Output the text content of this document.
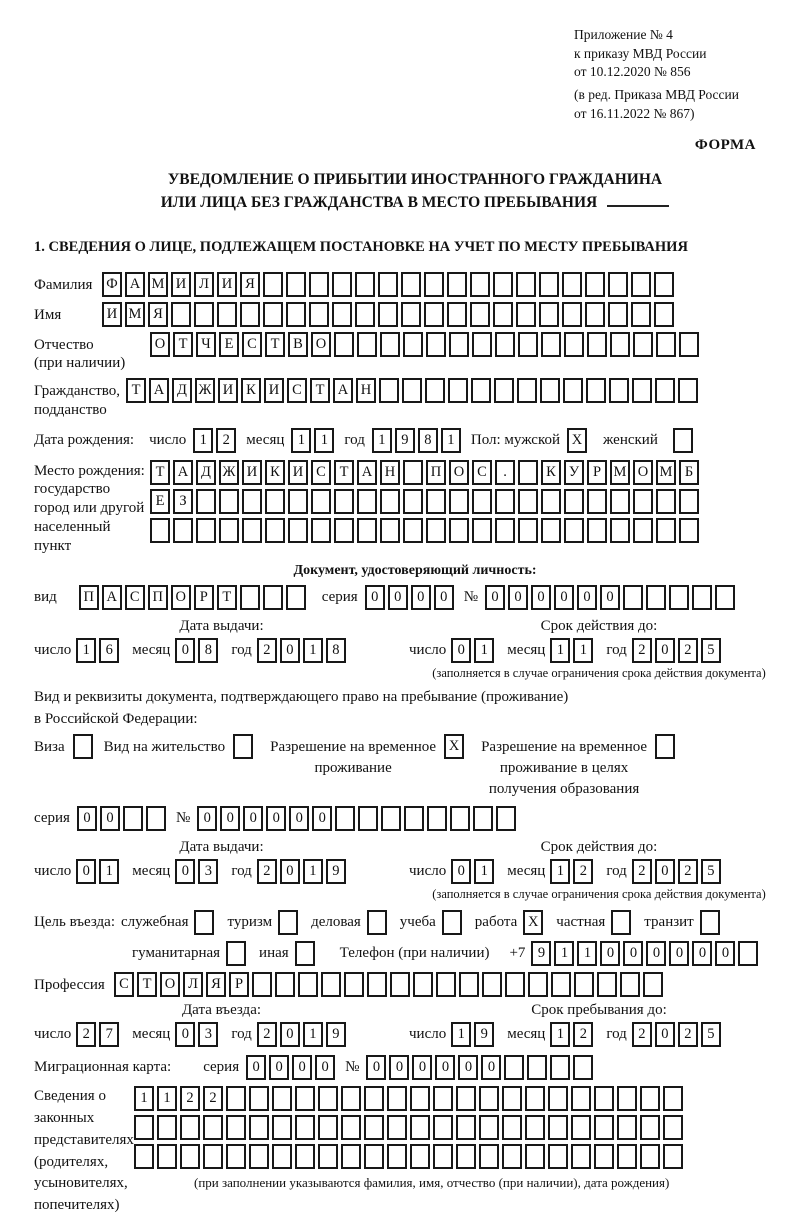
Приложение № 4
к приказу МВД России
от 10.12.2020 № 856
(в ред. Приказа МВД России
от 16.11.2022 № 867)
ФОРМА
УВЕДОМЛЕНИЕ О ПРИБЫТИИ ИНОСТРАННОГО ГРАЖДАНИНА
ИЛИ ЛИЦА БЕЗ ГРАЖДАНСТВА В МЕСТО ПРЕБЫВАНИЯ
1. СВЕДЕНИЯ О ЛИЦЕ, ПОДЛЕЖАЩЕМ ПОСТАНОВКЕ НА УЧЕТ ПО МЕСТУ ПРЕБЫВАНИЯ
Фамилия Ф А М И Л И Я
Имя	И М Я
Отчество
(при наличии)
О Т Ч Е С Т В О
Гражданство,
подданство
Т А Д Ж И К И С Т А Н
Дата рождения: число 1	2	месяц 1	1	год 1	9	8	1	Пол: мужской X	женский
Место рождения:
государство
город или другой
населенный пункт
Т А Д Ж И К И С Т А Н	П О С	.	К У Р М О М Б
Е	З
Документ, удостоверяющий личность:
вид	П А С П О Р	Т	серия 0	0	0	0	№ 0	0	0	0	0	0
Дата выдачи:
число 1	6	месяц 0	8	год 2	0	1	8
Срок действия до:
число 0	1	месяц 1	1	год 2	0	2	5
(заполняется в случае ограничения срока действия документа)
Вид и реквизиты документа, подтверждающего право на пребывание (проживание)
в Российской Федерации:
Виза	Вид на жительство	Разрешение на временное
проживание
X	Разрешение на временное
проживание в целях
получения образования
серия 0	0	№ 0	0	0	0	0	0
Дата выдачи:
число 0	1	месяц 0	3	год 2	0	1	9
Срок действия до:
число 0	1	месяц 1	2	год 2	0	2	5
(заполняется в случае ограничения срока действия документа)
Цель въезда: служебная	туризм	деловая	учеба	работа X	частная	транзит
гуманитарная	иная	Телефон (при наличии) +7 9	1	1	0	0	0	0	0	0
Профессия С Т О Л Я Р
Дата въезда:
число 2	7	месяц 0	3	год 2	0	1	9
Срок пребывания до:
число 1	9	месяц 1	2	год 2	0	2	5
Миграционная карта: серия 0	0	0	0	№ 0	0	0	0	0	0
Сведения о
законных
представителях
(родителях,
усыновителях,
попечителях)
1	1	2	2
(при заполнении указываются фамилия, имя, отчество (при наличии), дата рождения)
